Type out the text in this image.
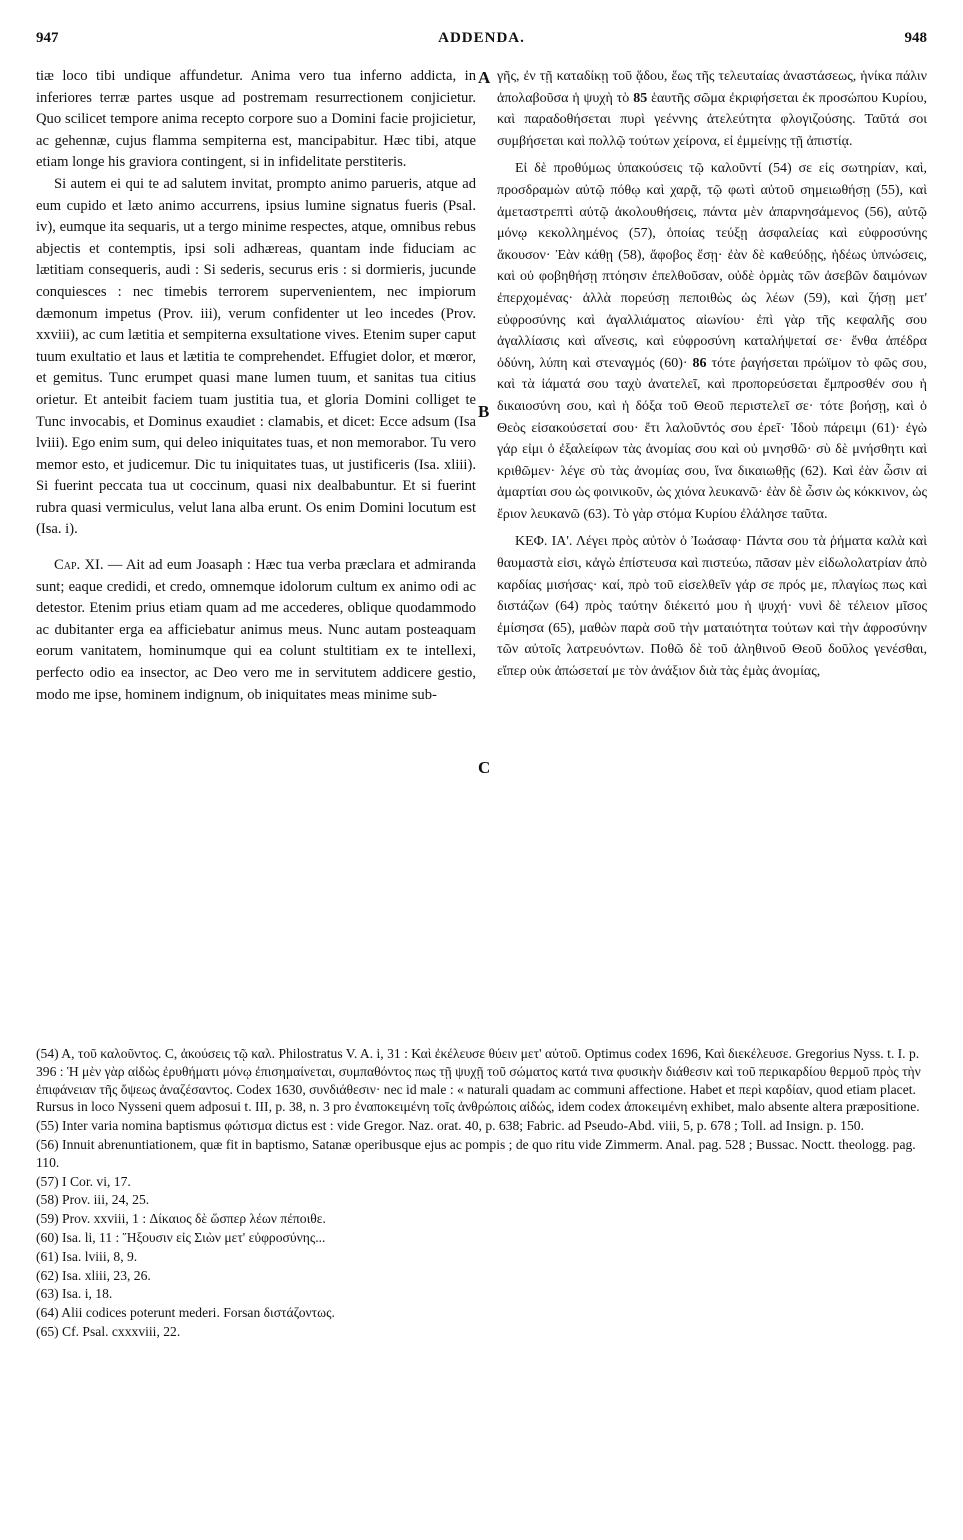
947	ADDENDA.	948
A
B
C

tiæ loco tibi undique affundetur. Anima vero tua inferno addicta, in inferiores terræ partes usque ad postremam resurrectionem conjicietur. Quo scilicet tempore anima recepto corpore suo a Domini facie projicietur, ac gehennæ, cujus flamma sempiterna est, mancipabitur. Hæc tibi, atque etiam longe his graviora contingent, si in infidelitate perstiteris.

Si autem ei qui te ad salutem invitat, prompto animo parueris, atque ad eum cupido et læto animo accurrens, ipsius lumine signatus fueris (Psal. iv), eumque ita sequaris, ut a tergo minime respectes, atque, omnibus rebus abjectis et contemptis, ipsi soli adhæreas, quantam inde fiduciam ac lætitiam consequeris, audi : Si sederis, securus eris : si dormieris, jucunde conquiesces : nec timebis terrorem supervenientem, nec impiorum dæmonum impetus (Prov. iii), verum confidenter ut leo incedes (Prov. xxviii), ac cum lætitia et sempiterna exsultatione vives. Etenim super caput tuum exultatio et laus et lætitia te comprehendet. Effugiet dolor, et mœror, et gemitus. Tunc erumpet quasi mane lumen tuum, et sanitas tua citius orietur. Et anteibit faciem tuam justitia tua, et gloria Domini colliget te Tunc invocabis, et Dominus exaudiet : clamabis, et dicet: Ecce adsum (Isa lviii). Ego enim sum, qui deleo iniquitates tuas, et non memorabor. Tu vero memor esto, et judicemur. Dic tu iniquitates tuas, ut justificeris (Isa. xliii). Si fuerint peccata tua ut coccinum, quasi nix dealbabuntur. Et si fuerint rubra quasi vermiculus, velut lana alba erunt. Os enim Domini locutum est (Isa. i).

Cap. XI. — Ait ad eum Joasaph : Hæc tua verba præclara et admiranda sunt; eaque credidi, et credo, omnemque idolorum cultum ex animo odi ac detestor. Etenim prius etiam quam ad me accederes, oblique quodammodo ac dubitanter erga ea afficiebatur animus meus. Nunc autam posteaquam eorum vanitatem, hominumque qui ea colunt stultitiam ex te intellexi, perfecto odio ea insector, ac Deo vero me in servitutem addicere gestio, modo me ipse, hominem indignum, ob iniquitates meas minime sub-

γῆς, ἐν τῇ καταδίκῃ τοῦ ᾅδου, ἕως τῆς τελευταίας ἀναστάσεως, ἡνίκα πάλιν ἀπολαβοῦσα ἡ ψυχὴ τὸ 85 ἑαυτῆς σῶμα ἐκριφήσεται ἐκ προσώπου Κυρίου, καὶ παραδοθήσεται πυρὶ γεέννης ἀτελεύτητα φλογιζούσης. Ταῦτά σοι συμβήσεται καὶ πολλῷ τούτων χείρονα, εἰ ἐμμείνῃς τῇ ἀπιστίᾳ.

Εἰ δὲ προθύμως ὑπακούσεις τῷ καλοῦντί (54) σε εἰς σωτηρίαν, καὶ, προσδραμὼν αὐτῷ πόθῳ καὶ χαρᾷ, τῷ φωτὶ αὐτοῦ σημειωθήσῃ (55), καὶ ἀμεταστρεπτὶ αὐτῷ ἀκολουθήσεις, πάντα μὲν ἀπαρνησάμενος (56), αὐτῷ μόνῳ κεκολλημένος (57), ὁποίας τεύξῃ ἀσφαλείας καὶ εὐφροσύνης ἄκουσον· Ἐὰν κάθῃ (58), ἄφοβος ἔσῃ· ἐὰν δὲ καθεύδῃς, ἡδέως ὑπνώσεις, καὶ οὐ φοβηθήσῃ πτόησιν ἐπελθοῦσαν, οὐδὲ ὁρμὰς τῶν ἀσεβῶν δαιμόνων ἐπερχομένας· ἀλλὰ πορεύσῃ πεποιθὼς ὡς λέων (59), καὶ ζήσῃ μετ' εὐφροσύνης καὶ ἀγαλλιάματος αἰωνίου· ἐπὶ γὰρ τῆς κεφαλῆς σου ἀγαλλίασις καὶ αἴνεσις, καὶ εὐφροσύνη καταλήψεταί σε· ἔνθα ἀπέδρα ὀδύνη, λύπη καὶ στεναγμός (60)· 86 τότε ῥαγήσεται πρώϊμον τὸ φῶς σου, καὶ τὰ ἰάματά σου ταχὺ ἀνατελεῖ, καὶ προπορεύσεται ἔμπροσθέν σου ἡ δικαιοσύνη σου, καὶ ἡ δόξα τοῦ Θεοῦ περιστελεῖ σε· τότε βοήσῃ, καὶ ὁ Θεὸς εἰσακούσεταί σου· ἔτι λαλοῦντός σου ἐρεῖ· Ἰδοὺ πάρειμι (61)· ἐγὼ γάρ εἰμι ὁ ἐξαλείφων τὰς ἀνομίας σου καὶ οὐ μνησθῶ· σὺ δὲ μνήσθητι καὶ κριθῶμεν· λέγε σὺ τὰς ἀνομίας σου, ἵνα δικαιωθῇς (62). Καὶ ἐὰν ὦσιν αἱ ἁμαρτίαι σου ὡς φοινικοῦν, ὡς χιόνα λευκανῶ· ἐὰν δὲ ὦσιν ὡς κόκκινον, ὡς ἔριον λευκανῶ (63). Τὸ γὰρ στόμα Κυρίου ἐλάλησε ταῦτα.

ΚΕΦ. ΙΑ'. Λέγει πρὸς αὐτὸν ὁ Ἰωάσαφ· Πάντα σου τὰ ῥήματα καλὰ καὶ θαυμαστὰ εἰσι, κἀγὼ ἐπίστευσα καὶ πιστεύω, πᾶσαν μὲν εἰδωλολατρίαν ἀπὸ καρδίας μισήσας· καί, πρὸ τοῦ εἰσελθεῖν γάρ σε πρός με, πλαγίως πως καὶ διστάζων (64) πρὸς ταύτην διέκειτό μου ἡ ψυχή· νυνὶ δὲ τέλειον μῖσος ἐμίσησα (65), μαθὼν παρὰ σοῦ τὴν ματαιότητα τούτων καὶ τὴν ἀφροσύνην τῶν αὐτοῖς λατρευόντων. Ποθῶ δὲ τοῦ ἀληθινοῦ Θεοῦ δοῦλος γενέσθαι, εἴπερ οὐκ ἀπώσεταί με τὸν ἀνάξιον διὰ τὰς ἐμὰς ἀνομίας,

(54) A, τοῦ καλοῦντος. C, ἀκούσεις τῷ καλ. Philostratus V. A. i, 31 : Καὶ ἐκέλευσε θύειν μετ' αὐτοῦ. Optimus codex 1696, Καὶ διεκέλευσε. Gregorius Nyss. t. I. p. 396 : Ἡ μὲν γὰρ αἰδὼς ἐρυθήματι μόνῳ ἐπισημαίνεται, συμπαθόντος πως τῇ ψυχῇ τοῦ σώματος κατά τινα φυσικὴν διάθεσιν καὶ τοῦ περικαρδίου θερμοῦ πρὸς τὴν ἐπιφάνειαν τῆς ὄψεως ἀναζέσαντος. Codex 1630, συνδιάθεσιν· nec id male : « naturali quadam ac communi affectione. Habet et περὶ καρδίαν, quod etiam placet. Rursus in loco Nysseni quem adposui t. III, p. 38, n. 3 pro ἐναποκειμένη τοῖς ἀνθρώποις αἰδώς, idem codex ἀποκειμένη exhibet, malo absente altera præpositione.

(55) Inter varia nomina baptismus φώτισμα dictus est : vide Gregor. Naz. orat. 40, p. 638; Fabric. ad Pseudo-Abd. viii, 5, p. 678 ; Toll. ad Insign. p. 150.

(56) Innuit abrenuntiationem, quæ fit in baptismo, Satanæ operibusque ejus ac pompis ; de quo ritu vide Zimmerm. Anal. pag. 528 ; Bussac. Noctt. theologg. pag. 110.

(57) I Cor. vi, 17.

(58) Prov. iii, 24, 25.

(59) Prov. xxviii, 1 : Δίκαιος δὲ ὥσπερ λέων πέποιθε.

(60) Isa. li, 11 : Ἥξουσιν εἰς Σιὼν μετ' εὐφροσύνης...

(61) Isa. lviii, 8, 9.

(62) Isa. xliii, 23, 26.

(63) Isa. i, 18.

(64) Alii codices poterunt mederi. Forsan διστάζοντως.

(65) Cf. Psal. cxxxviii, 22.
